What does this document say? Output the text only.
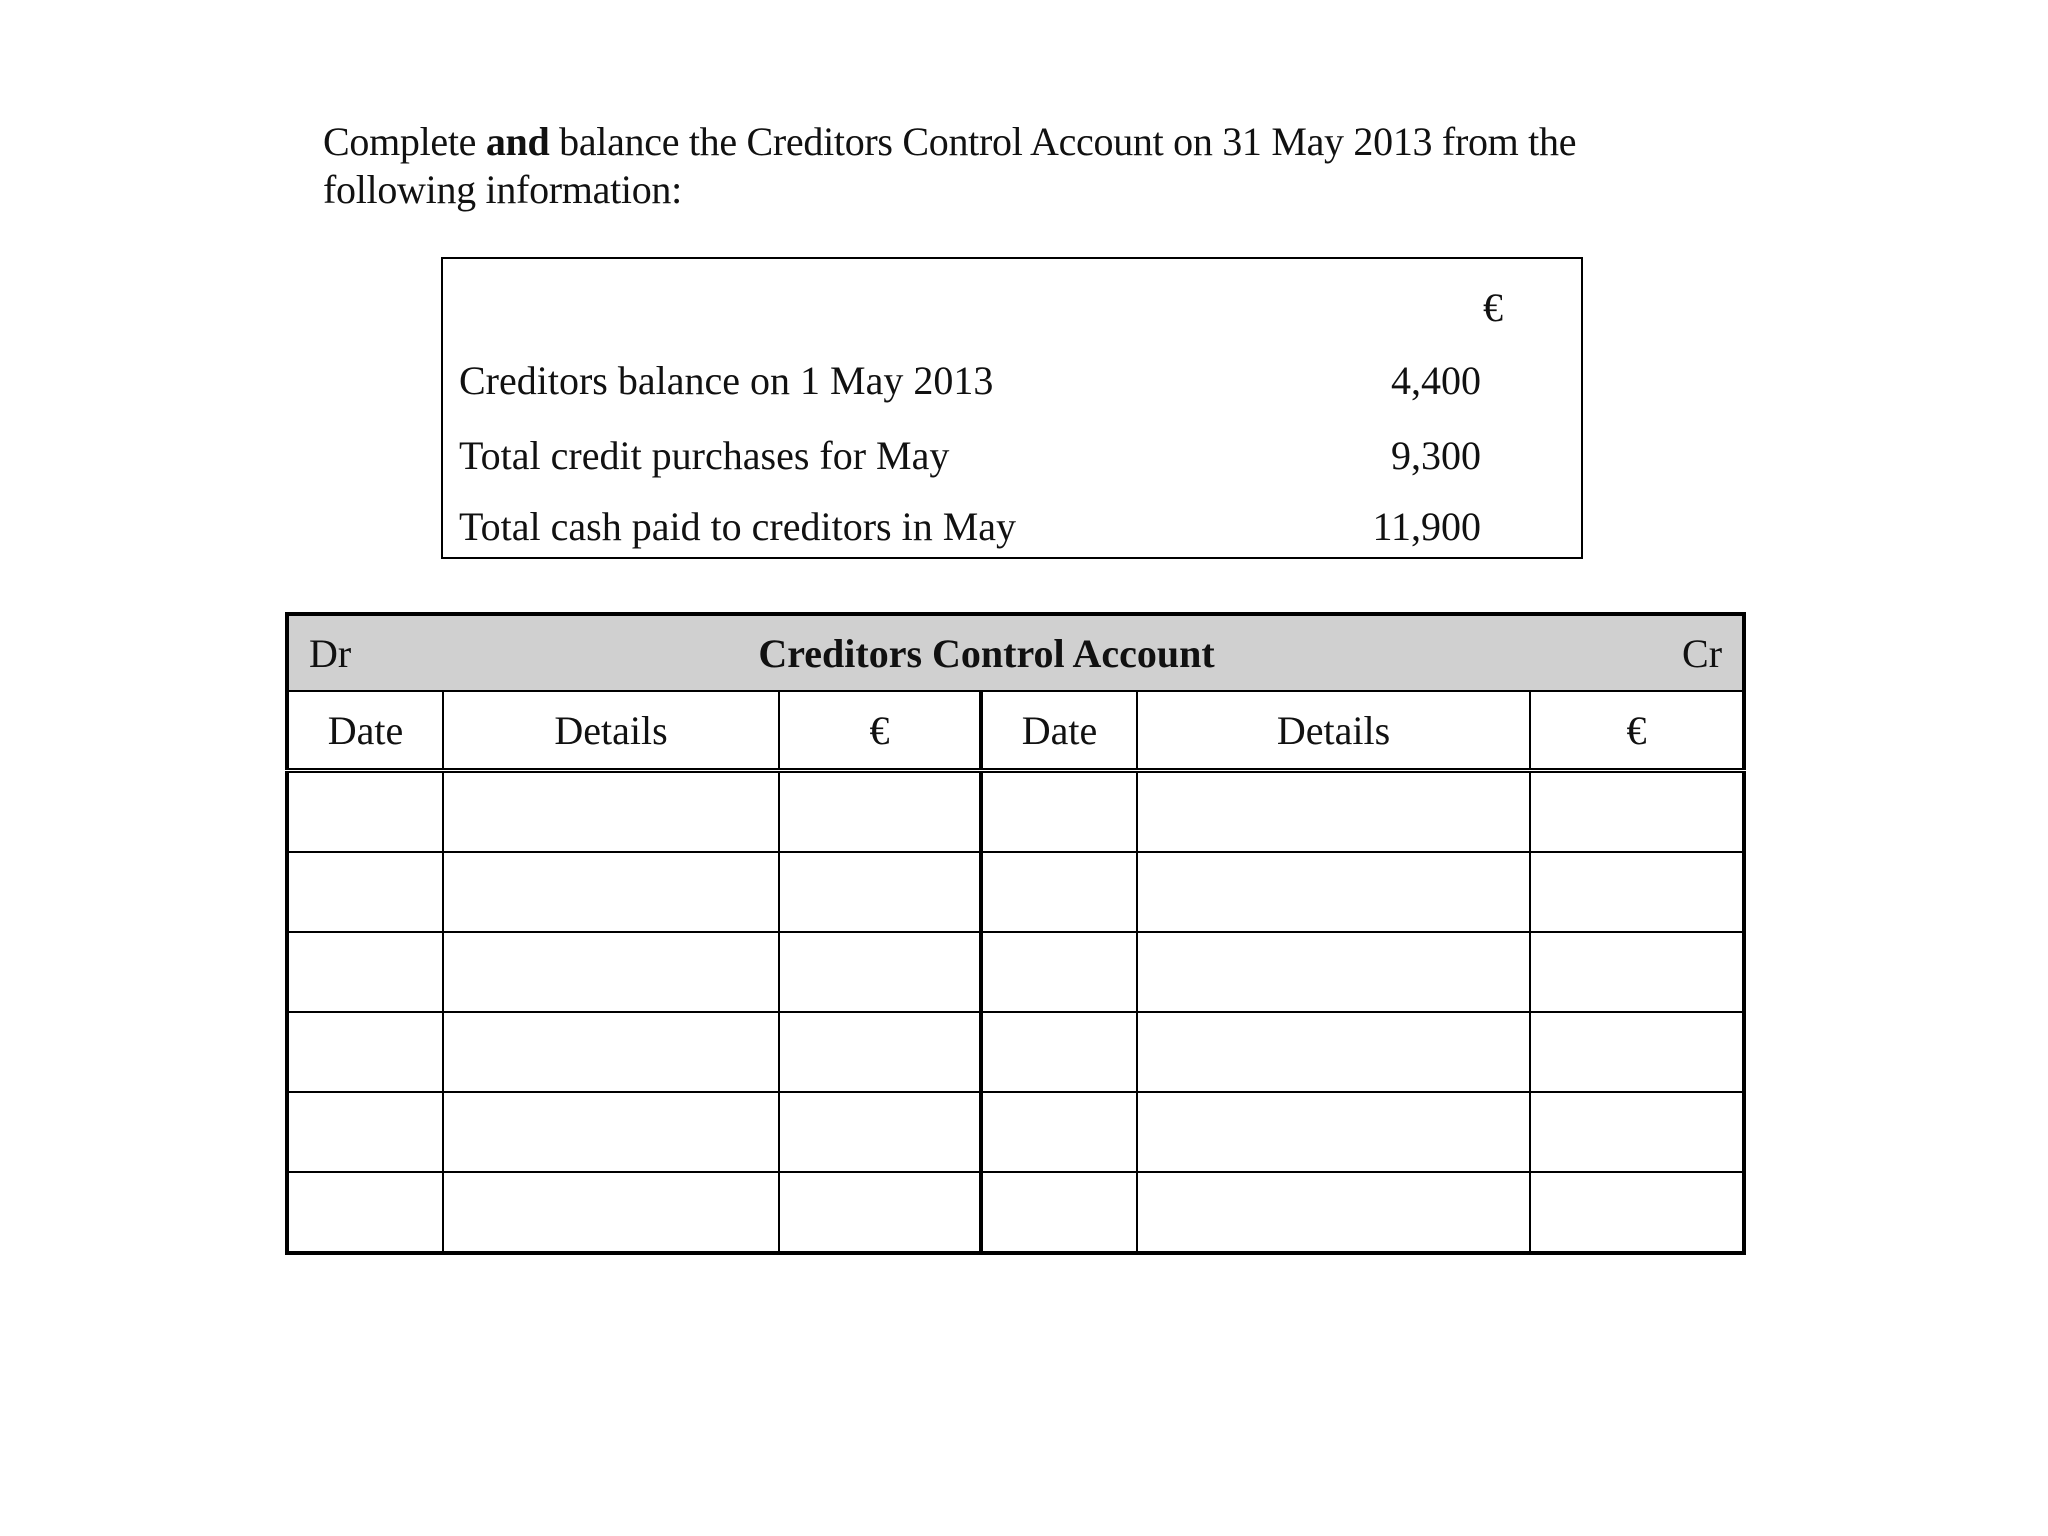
Complete and balance the Creditors Control Account on 31 May 2013 from the following information:
€
Creditors balance on 1 May 2013	4,400
Total credit purchases for May	9,300
Total cash paid to creditors in May	11,900
Dr	Creditors Control Account				Cr
Date	Details	€	Date	Details	€
